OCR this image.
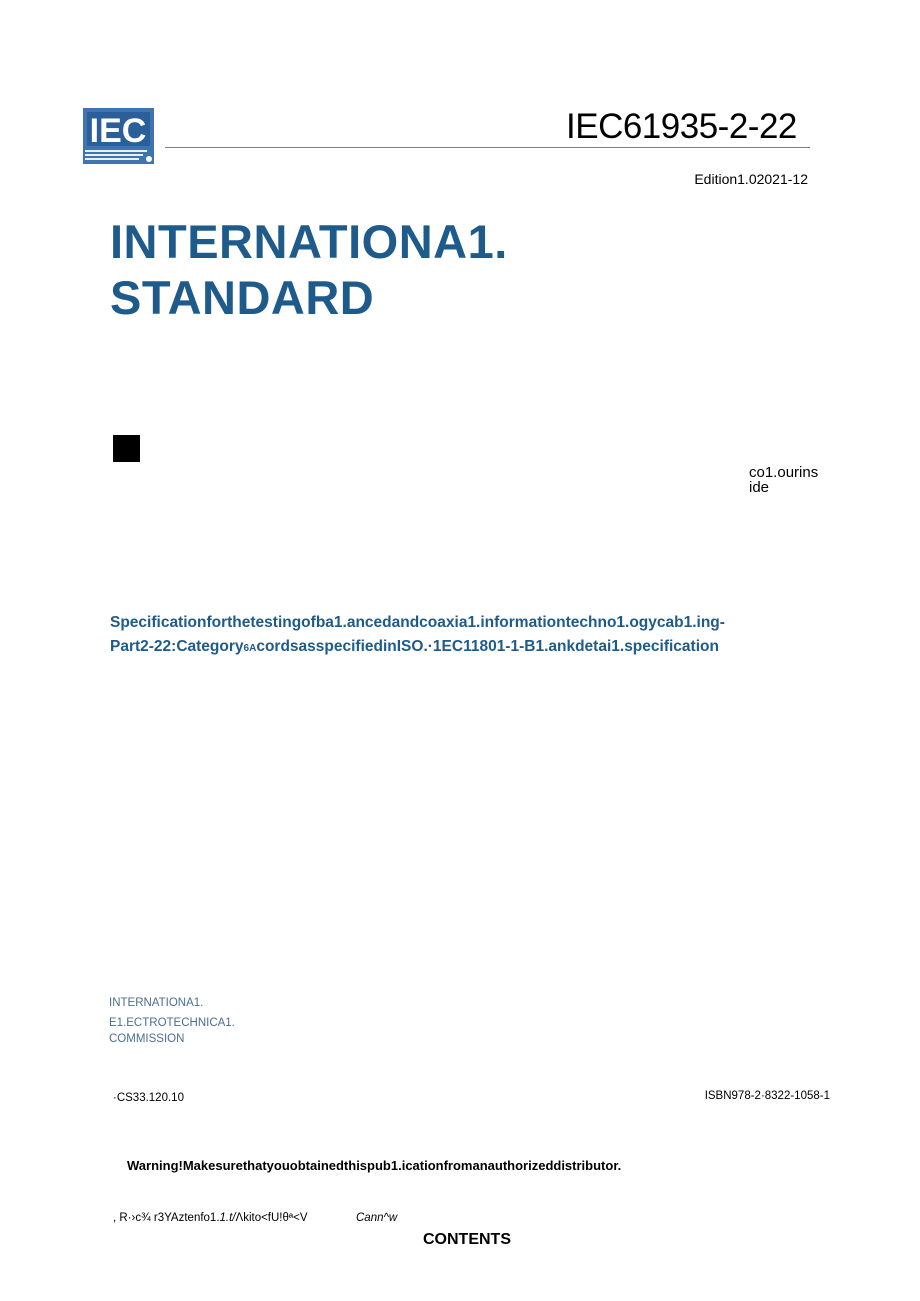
IEC	IEC61935-2-22
Edition1.02021-12
INTERNATIONA1.
STANDARD
co1.ourins ide
Specificationforthetestingofba1.ancedandcoaxia1.informationtechno1.ogycab1.ing-
Part2-22:Category6AcordsasspecifiedinISO.·1EC11801-1-B1.ankdetai1.specification
INTERNATIONA1.
E1.ECTROTECHNICA1.
COMMISSION
·CS33.120.10	ISBN978-2·8322-1058-1
Warning!Makesurethatyouobtainedthispub1.icationfromanauthorizeddistributor.
, R·›c¾ r3YAztenfo1.1.t/Λkito<fU!θª<V	Cann^w
CONTENTS
